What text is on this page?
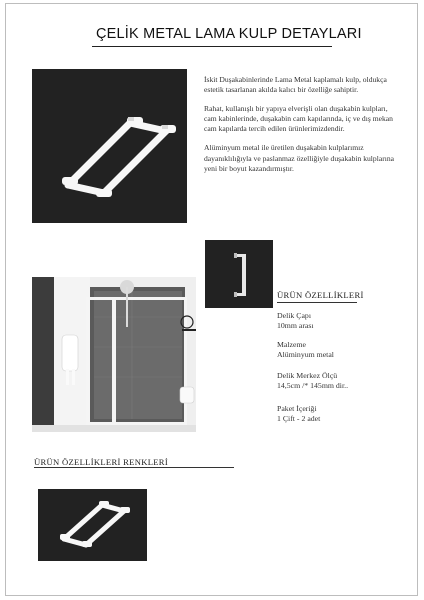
ÇELİK METAL LAMA KULP DETAYLARI

İskit Duşakabinlerinde Lama Metal kaplamalı kulp, oldukça estetik tasarlanan akılda kalıcı bir özelliğe sahiptir.

Rahat, kullanışlı bir yapıya elverişli olan duşakabin kulpları, cam kabinlerinde, duşakabin cam kapılarında, iç ve dış mekan cam kapılarda tercih edilen ürünlerimizdendir.

Alüminyum metal ile üretilen duşakabin kulplarımız dayanıklılığıyla ve paslanmaz özelliğiyle duşakabin kulplarına yeni bir boyut kazandırmıştır.

ÜRÜN ÖZELLİKLERİ
Delik Çapı
10mm arası
Malzeme
Alüminyum metal
Delik Merkez Ölçü
14,5cm /* 145mm dir..
Paket İçeriği
1 Çift - 2 adet
ÜRÜN ÖZELLİKLERİ RENKLERİ
